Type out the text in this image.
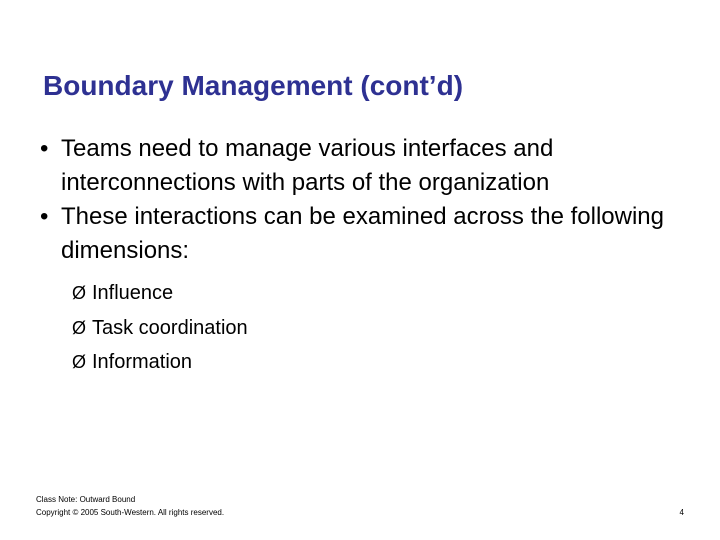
Boundary Management (cont’d)
• Teams need to manage various interfaces and interconnections with parts of the organization
• These interactions can be examined across the following dimensions:
Ø Influence
Ø Task coordination
Ø Information
Class Note: Outward Bound
Copyright © 2005 South-Western. All rights reserved.	4
